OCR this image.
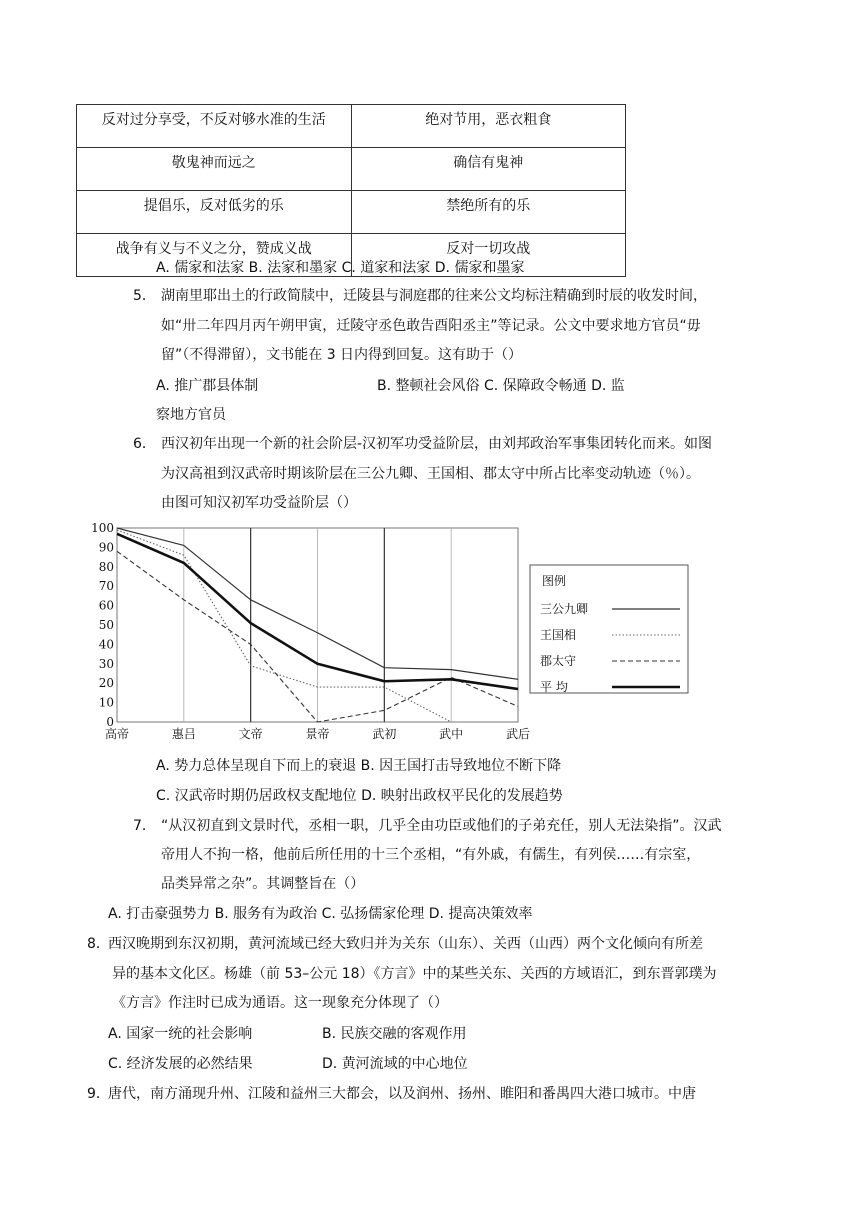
反对过分享受，不反对够水准的生活	绝对节用，恶衣粗食
敬鬼神而远之	确信有鬼神
提倡乐，反对低劣的乐	禁绝所有的乐
战争有义与不义之分，赞成义战	反对一切攻战
A. 儒家和法家 B. 法家和墨家 C. 道家和法家 D. 儒家和墨家
5． 湖南里耶出土的行政简牍中，迁陵县与洞庭郡的往来公文均标注精确到时辰的收发时间，
如“卅二年四月丙午朔甲寅，迁陵守丞色敢告酉阳丞主”等记录。公文中要求地方官员“毋
留”（不得滞留），文书能在 3 日内得到回复。这有助于（）
A. 推广郡县体制	B. 整顿社会风俗 C. 保障政令畅通 D. 监
察地方官员
6． 西汉初年出现一个新的社会阶层-汉初军功受益阶层，由刘邦政治军事集团转化而来。如图
为汉高祖到汉武帝时期该阶层在三公九卿、王国相、郡太守中所占比率变动轨迹（％）。
由图可知汉初军功受益阶层（）
0
10
20
30
40
50
60
70
80
90
100
高帝	惠吕	文帝	景帝	武初	武中	武后
图例
三公九卿
王国相
郡太守
平 均
A. 势力总体呈现自下而上的衰退 B. 因王国打击导致地位不断下降
C. 汉武帝时期仍居政权支配地位 D. 映射出政权平民化的发展趋势
7． “从汉初直到文景时代，丞相一职，几乎全由功臣或他们的子弟充任，别人无法染指”。汉武
帝用人不拘一格，他前后所任用的十三个丞相，“有外戚，有儒生，有列侯……有宗室，
品类异常之杂”。其调整旨在（）
A. 打击豪强势力 B. 服务有为政治 C. 弘扬儒家伦理 D. 提高决策效率
8．
西汉晚期到东汉初期，黄河流域已经大致归并为关东（山东）、关西（山西）两个文化倾向有所差
异的基本文化区。杨雄（前 53–公元 18）《方言》中的某些关东、关西的方域语汇，到东晋郭璞为
《方言》作注时已成为通语。这一现象充分体现了（）
A. 国家一统的社会影响	B. 民族交融的客观作用
C. 经济发展的必然结果	D. 黄河流域的中心地位
9．
唐代，南方涌现升州、江陵和益州三大都会，以及润州、扬州、睢阳和番禺四大港口城市。中唐
